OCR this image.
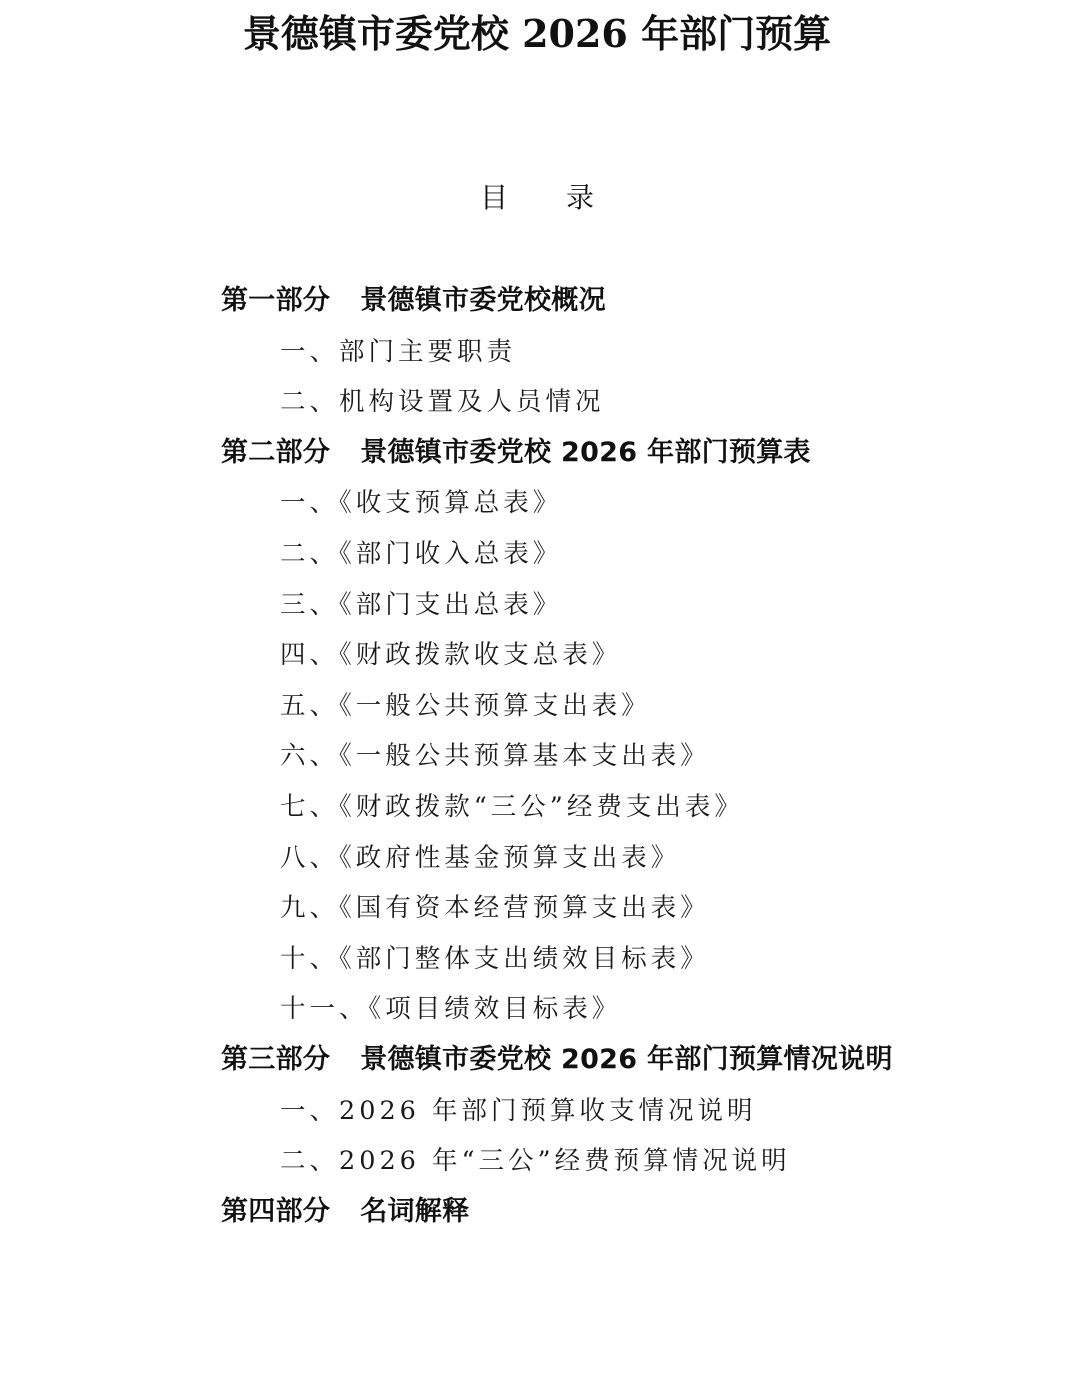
景德镇市委党校 2026 年部门预算
目 录
第一部分 景德镇市委党校概况
一、部门主要职责
二、机构设置及人员情况
第二部分 景德镇市委党校 2026 年部门预算表
一、《收支预算总表》
二、《部门收入总表》
三、《部门支出总表》
四、《财政拨款收支总表》
五、《一般公共预算支出表》
六、《一般公共预算基本支出表》
七、《财政拨款“三公”经费支出表》
八、《政府性基金预算支出表》
九、《国有资本经营预算支出表》
十、《部门整体支出绩效目标表》
十一、《项目绩效目标表》
第三部分 景德镇市委党校 2026 年部门预算情况说明
一、2026 年部门预算收支情况说明
二、2026 年“三公”经费预算情况说明
第四部分 名词解释
